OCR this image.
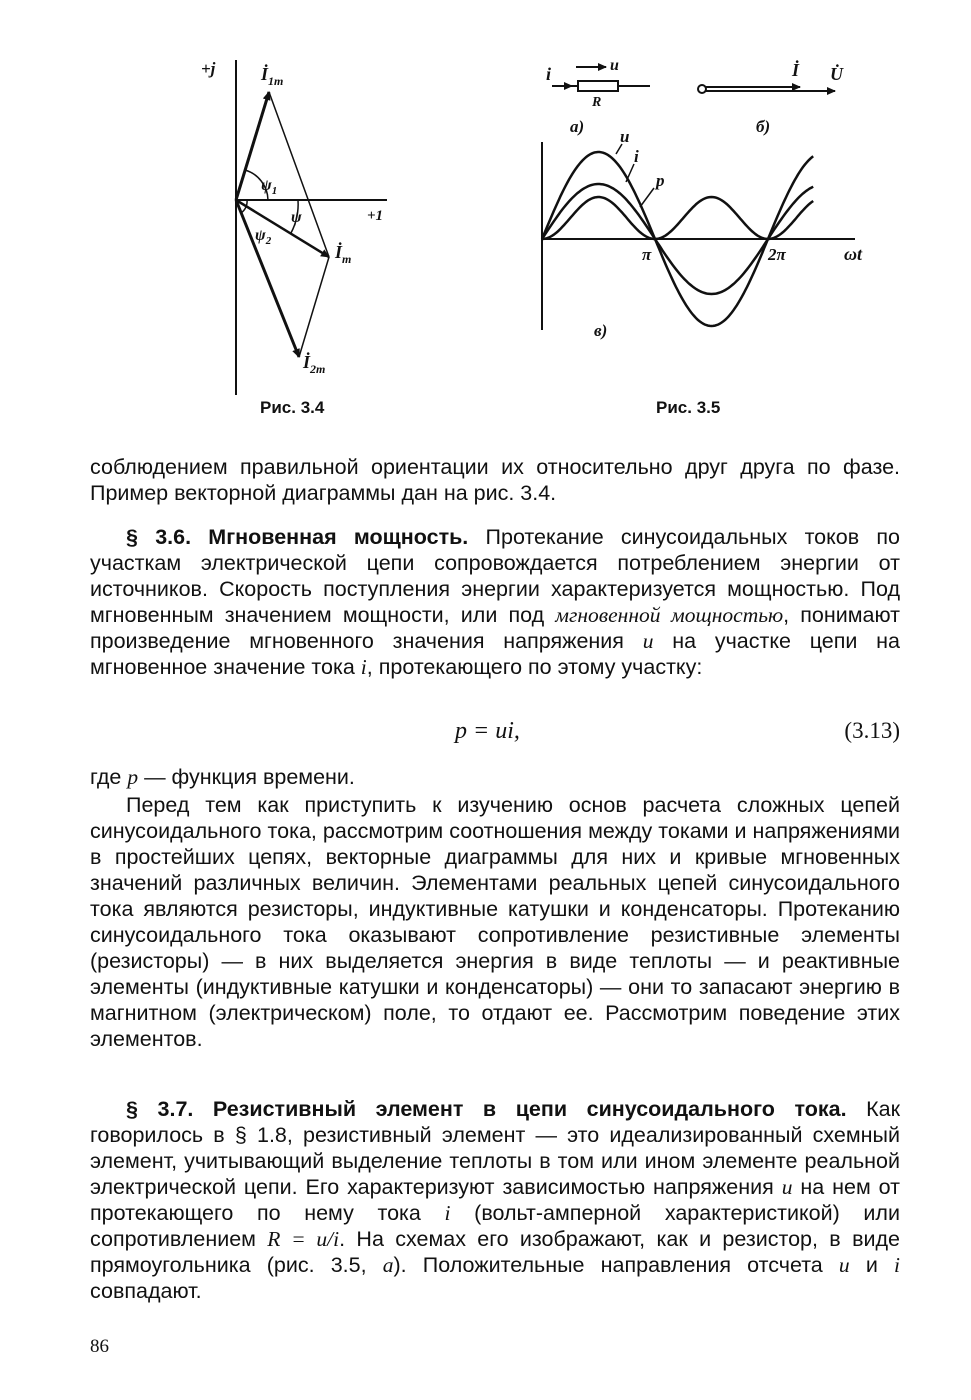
+j
+1
$İ_{1m}$
$İ_m$
$İ_{2m}$
$\psi_1$
ψ
$\psi_2$
Рис. 3.4
i	u
R
а)
İ U̇
б)
u
i
p
π	2π	ωt
в)
Рис. 3.5

соблюдением правильной ориентации их относительно друг друга по фазе. Пример векторной диаграммы дан на рис. 3.4.

§ 3.6. Мгновенная мощность. Протекание синусоидальных токов по участкам электрической цепи сопровождается потреблением энергии от источников. Скорость поступления энергии характеризуется мощностью. Под мгновенным значением мощности, или под мгновенной мощностью, понимают произведение мгновенного значения напряжения u на участке цепи на мгновенное значение тока i, протекающего по этому участку:

p = ui,	(3.13)

где p — функция времени.

Перед тем как приступить к изучению основ расчета сложных цепей синусоидального тока, рассмотрим соотношения между токами и напряжениями в простейших цепях, векторные диаграммы для них и кривые мгновенных значений различных величин. Элементами реальных цепей синусоидального тока являются резисторы, индуктивные катушки и конденсаторы. Протеканию синусоидального тока оказывают сопротивление резистивные элементы (резисторы) — в них выделяется энергия в виде теплоты — и реактивные элементы (индуктивные катушки и конденсаторы) — они то запасают энергию в магнитном (электрическом) поле, то отдают ее. Рассмотрим поведение этих элементов.

§ 3.7. Резистивный элемент в цепи синусоидального тока. Как говорилось в § 1.8, резистивный элемент — это идеализированный схемный элемент, учитывающий выделение теплоты в том или ином элементе реальной электрической цепи. Его характеризуют зависимостью напряжения u на нем от протекающего по нему тока i (вольт-амперной характеристикой) или сопротивлением R = u/i. На схемах его изображают, как и резистор, в виде прямоугольника (рис. 3.5, а). Положительные направления отсчета u и i совпадают.

86
